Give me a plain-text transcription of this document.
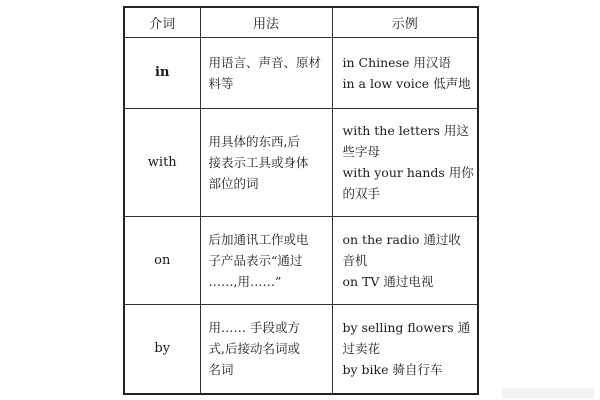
介词	用法	示例
in	用语言、声音、原材
料等	in Chinese 用汉语
in a low voice 低声地

with	用具体的东西,后
接表示工具或身体
部位的词	with the letters 用这
些字母
with your hands 用你
的双手

on	后加通讯工作或电
子产品表示“通过
……,用……”	on the radio 通过收
音机
on TV 通过电视

by	用…… 手段或方
式,后接动名词或
名词	by selling flowers 通
过卖花
by bike 骑自行车
